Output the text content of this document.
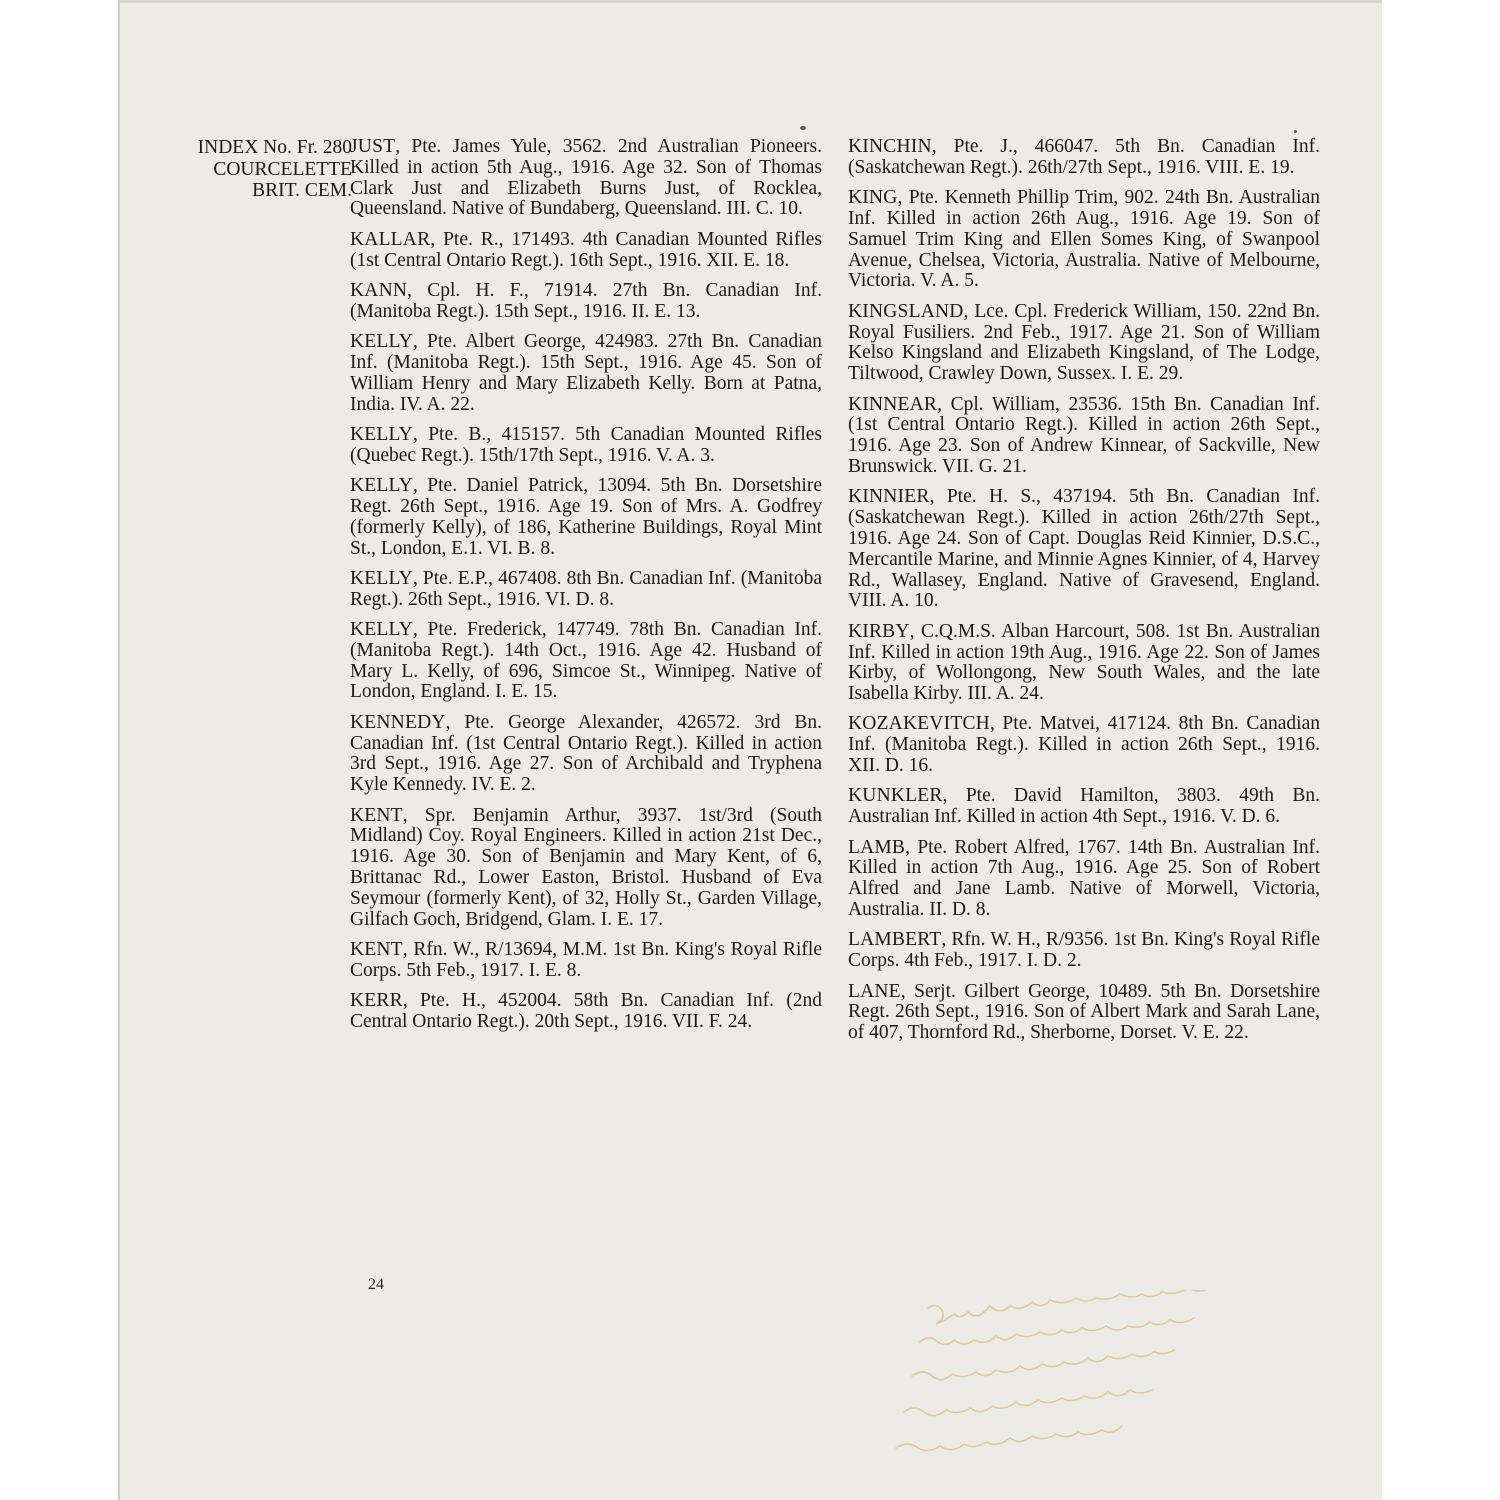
INDEX No. Fr. 280
COURCELETTE
BRIT. CEM.
JUST, Pte. James Yule, 3562. 2nd Australian Pioneers. Killed in action 5th Aug., 1916. Age 32. Son of Thomas Clark Just and Elizabeth Burns Just, of Rocklea, Queensland. Native of Bundaberg, Queensland. III. C. 10.
KALLAR, Pte. R., 171493. 4th Canadian Mounted Rifles (1st Central Ontario Regt.). 16th Sept., 1916. XII. E. 18.
KANN, Cpl. H. F., 71914. 27th Bn. Canadian Inf. (Manitoba Regt.). 15th Sept., 1916. II. E. 13.
KELLY, Pte. Albert George, 424983. 27th Bn. Canadian Inf. (Manitoba Regt.). 15th Sept., 1916. Age 45. Son of William Henry and Mary Elizabeth Kelly. Born at Patna, India. IV. A. 22.
KELLY, Pte. B., 415157. 5th Canadian Mounted Rifles (Quebec Regt.). 15th/17th Sept., 1916. V. A. 3.
KELLY, Pte. Daniel Patrick, 13094. 5th Bn. Dorsetshire Regt. 26th Sept., 1916. Age 19. Son of Mrs. A. Godfrey (formerly Kelly), of 186, Katherine Buildings, Royal Mint St., London, E.1. VI. B. 8.
KELLY, Pte. E.P., 467408. 8th Bn. Canadian Inf. (Manitoba Regt.). 26th Sept., 1916. VI. D. 8.
KELLY, Pte. Frederick, 147749. 78th Bn. Canadian Inf. (Manitoba Regt.). 14th Oct., 1916. Age 42. Husband of Mary L. Kelly, of 696, Simcoe St., Winnipeg. Native of London, England. I. E. 15.
KENNEDY, Pte. George Alexander, 426572. 3rd Bn. Canadian Inf. (1st Central Ontario Regt.). Killed in action 3rd Sept., 1916. Age 27. Son of Archibald and Tryphena Kyle Kennedy. IV. E. 2.
KENT, Spr. Benjamin Arthur, 3937. 1st/3rd (South Midland) Coy. Royal Engineers. Killed in action 21st Dec., 1916. Age 30. Son of Benjamin and Mary Kent, of 6, Brittanac Rd., Lower Easton, Bristol. Husband of Eva Seymour (formerly Kent), of 32, Holly St., Garden Village, Gilfach Goch, Bridgend, Glam. I. E. 17.
KENT, Rfn. W., R/13694, M.M. 1st Bn. King's Royal Rifle Corps. 5th Feb., 1917. I. E. 8.
KERR, Pte. H., 452004. 58th Bn. Canadian Inf. (2nd Central Ontario Regt.). 20th Sept., 1916. VII. F. 24.
KINCHIN, Pte. J., 466047. 5th Bn. Canadian Inf. (Saskatchewan Regt.). 26th/27th Sept., 1916. VIII. E. 19.
KING, Pte. Kenneth Phillip Trim, 902. 24th Bn. Australian Inf. Killed in action 26th Aug., 1916. Age 19. Son of Samuel Trim King and Ellen Somes King, of Swanpool Avenue, Chelsea, Victoria, Australia. Native of Melbourne, Victoria. V. A. 5.
KINGSLAND, Lce. Cpl. Frederick William, 150. 22nd Bn. Royal Fusiliers. 2nd Feb., 1917. Age 21. Son of William Kelso Kingsland and Elizabeth Kingsland, of The Lodge, Tiltwood, Crawley Down, Sussex. I. E. 29.
KINNEAR, Cpl. William, 23536. 15th Bn. Canadian Inf. (1st Central Ontario Regt.). Killed in action 26th Sept., 1916. Age 23. Son of Andrew Kinnear, of Sackville, New Brunswick. VII. G. 21.
KINNIER, Pte. H. S., 437194. 5th Bn. Canadian Inf. (Saskatchewan Regt.). Killed in action 26th/27th Sept., 1916. Age 24. Son of Capt. Douglas Reid Kinnier, D.S.C., Mercantile Marine, and Minnie Agnes Kinnier, of 4, Harvey Rd., Wallasey, England. Native of Gravesend, England. VIII. A. 10.
KIRBY, C.Q.M.S. Alban Harcourt, 508. 1st Bn. Australian Inf. Killed in action 19th Aug., 1916. Age 22. Son of James Kirby, of Wollongong, New South Wales, and the late Isabella Kirby. III. A. 24.
KOZAKEVITCH, Pte. Matvei, 417124. 8th Bn. Canadian Inf. (Manitoba Regt.). Killed in action 26th Sept., 1916. XII. D. 16.
KUNKLER, Pte. David Hamilton, 3803. 49th Bn. Australian Inf. Killed in action 4th Sept., 1916. V. D. 6.
LAMB, Pte. Robert Alfred, 1767. 14th Bn. Australian Inf. Killed in action 7th Aug., 1916. Age 25. Son of Robert Alfred and Jane Lamb. Native of Morwell, Victoria, Australia. II. D. 8.
LAMBERT, Rfn. W. H., R/9356. 1st Bn. King's Royal Rifle Corps. 4th Feb., 1917. I. D. 2.
LANE, Serjt. Gilbert George, 10489. 5th Bn. Dorsetshire Regt. 26th Sept., 1916. Son of Albert Mark and Sarah Lane, of 407, Thornford Rd., Sherborne, Dorset. V. E. 22.
24
